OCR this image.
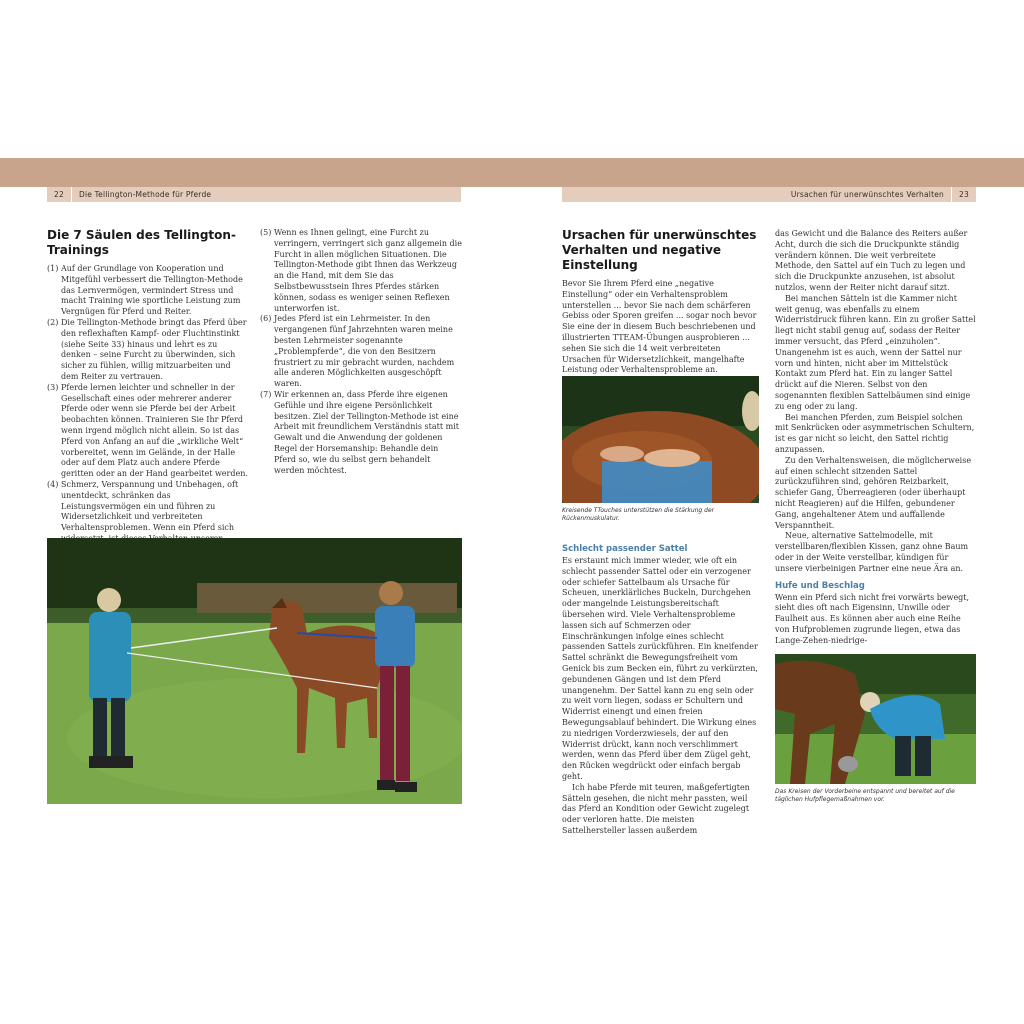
22	Die Tellington-Methode für Pferde	Ursachen für unerwünschtes Verhalten	23
Die 7 Säulen des Tellington-Trainings
(1) Auf der Grundlage von Kooperation und Mitgefühl verbessert die Tellington-Methode das Lernvermögen, vermindert Stress und macht Training wie sportliche Leistung zum Vergnügen für Pferd und Reiter.
(2) Die Tellington-Methode bringt das Pferd über den reflexhaften Kampf- oder Fluchtinstinkt (siehe Seite 33) hinaus und lehrt es zu denken – seine Furcht zu überwinden, sich sicher zu fühlen, willig mitzuarbeiten und dem Reiter zu vertrauen.
(3) Pferde lernen leichter und schneller in der Gesellschaft eines oder mehrerer anderer Pferde oder wenn sie Pferde bei der Arbeit beobachten können. Trainieren Sie Ihr Pferd wenn irgend möglich nicht allein. So ist das Pferd von Anfang an auf die „wirkliche Welt“ vorbereitet, wenn im Gelände, in der Halle oder auf dem Platz auch andere Pferde geritten oder an der Hand gearbeitet werden.
(4) Schmerz, Verspannung und Unbehagen, oft unentdeckt, schränken das Leistungsvermögen ein und führen zu Widersetzlichkeit und verbreiteten Verhaltensproblemen. Wenn ein Pferd sich
(5) Wenn es Ihnen gelingt, eine Furcht zu verringern, verringert sich ganz allgemein die Furcht in allen möglichen Situationen. Die Tellington-Methode gibt Ihnen das Werkzeug an die Hand, mit dem Sie das Selbstbewusstsein Ihres Pferdes stärken können, sodass es weniger seinen Reflexen unterworfen ist.
(6) Jedes Pferd ist ein Lehrmeister. In den vergangenen fünf Jahrzehnten waren meine besten Lehrmeister sogenannte „Problempferde“, die von den Besitzern frustriert zu mir gebracht wurden, nachdem alle anderen Möglichkeiten ausgeschöpft waren.
(7) Wir erkennen an, dass Pferde ihre eigenen Gefühle und ihre eigene Persönlichkeit besitzen. Ziel der Tellington-Methode ist eine Arbeit mit freundlichem Verständnis statt mit Gewalt und die Anwendung der goldenen Regel der Horsemanship: Behandle dein Pferd so, wie du selbst gern behandelt werden möchtest.
Ursachen für unerwünschtes Verhalten und negative Einstellung

Bevor Sie Ihrem Pferd eine „negative Einstellung“ oder ein Verhaltensproblem unterstellen ... bevor Sie nach dem schärferen Gebiss oder Sporen greifen ... sogar noch bevor Sie eine der in diesem Buch beschriebenen und illustrierten TTEAM-Übungen ausprobieren ... sehen Sie sich die 14 weit verbreiteten Ursachen für Widersetzlichkeit, mangelhafte Leistung oder Verhaltensprobleme an.

Kreisende TTouches unterstützen die Stärkung der Rückenmuskulatur.
Schlecht passender Sattel

Es erstaunt mich immer wieder, wie oft ein schlecht passender Sattel oder ein verzogener oder schiefer Sattelbaum als Ursache für Scheuen, unerklärliches Buckeln, Durchgehen oder mangelnde Leistungsbereitschaft übersehen wird. Viele Verhaltensprobleme lassen sich auf Schmerzen oder Einschränkungen infolge eines schlecht passenden Sattels zurückführen. Ein kneifender Sattel schränkt die Bewegungsfreiheit vom Genick bis zum Becken ein, führt zu verkürzten, gebundenen Gängen und ist dem Pferd unangenehm. Der Sattel kann zu eng sein oder zu weit vorn liegen, sodass er Schultern und Widerrist einengt und einen freien Bewegungsablauf behindert. Die Wirkung eines zu niedrigen Vorderzwiesels, der auf den Widerrist drückt, kann noch verschlimmert werden, wenn das Pferd über dem Zügel geht, den Rücken wegdrückt oder einfach bergab geht.

Ich habe Pferde mit teuren, maßgefertigten Sätteln gesehen, die nicht mehr passten, weil das Pferd an Kondition oder Gewicht zugelegt oder verloren hatte. Die meisten Sattelhersteller lassen außerdem

das Gewicht und die Balance des Reiters außer Acht, durch die sich die Druckpunkte ständig verändern können. Die weit verbreitete Methode, den Sattel auf ein Tuch zu legen und sich die Druckpunkte anzusehen, ist absolut nutzlos, wenn der Reiter nicht darauf sitzt.

Bei manchen Sätteln ist die Kammer nicht weit genug, was ebenfalls zu einem Widerristdruck führen kann. Ein zu großer Sattel liegt nicht stabil genug auf, sodass der Reiter immer versucht, das Pferd „einzuholen“. Unangenehm ist es auch, wenn der Sattel nur vorn und hinten, nicht aber im Mittelstück Kontakt zum Pferd hat. Ein zu langer Sattel drückt auf die Nieren. Selbst von den sogenannten flexiblen Sattelbäumen sind einige zu eng oder zu lang.

Bei manchen Pferden, zum Beispiel solchen mit Senkrücken oder asymmetrischen Schultern, ist es gar nicht so leicht, den Sattel richtig anzupassen.

Zu den Verhaltensweisen, die möglicherweise auf einen schlecht sitzenden Sattel zurückzuführen sind, gehören Reizbarkeit, schiefer Gang, Überreagieren (oder überhaupt nicht Reagieren) auf die Hilfen, gebundener Gang, angehaltener Atem und auffallende Verspanntheit.

Neue, alternative Sattelmodelle, mit verstellbaren/flexiblen Kissen, ganz ohne Baum oder in der Weite verstellbar, kündigen für unsere vierbeinigen Partner eine neue Ära an.

Hufe und Beschlag

Wenn ein Pferd sich nicht frei vorwärts bewegt, sieht dies oft nach Eigensinn, Unwille oder Faulheit aus. Es können aber auch eine Reihe von Hufproblemen zugrunde liegen, etwa das Lange-Zehen-niedrige-

Das Kreisen der Vorderbeine entspannt und bereitet auf die täglichen Hufpflegemaßnahmen vor.
